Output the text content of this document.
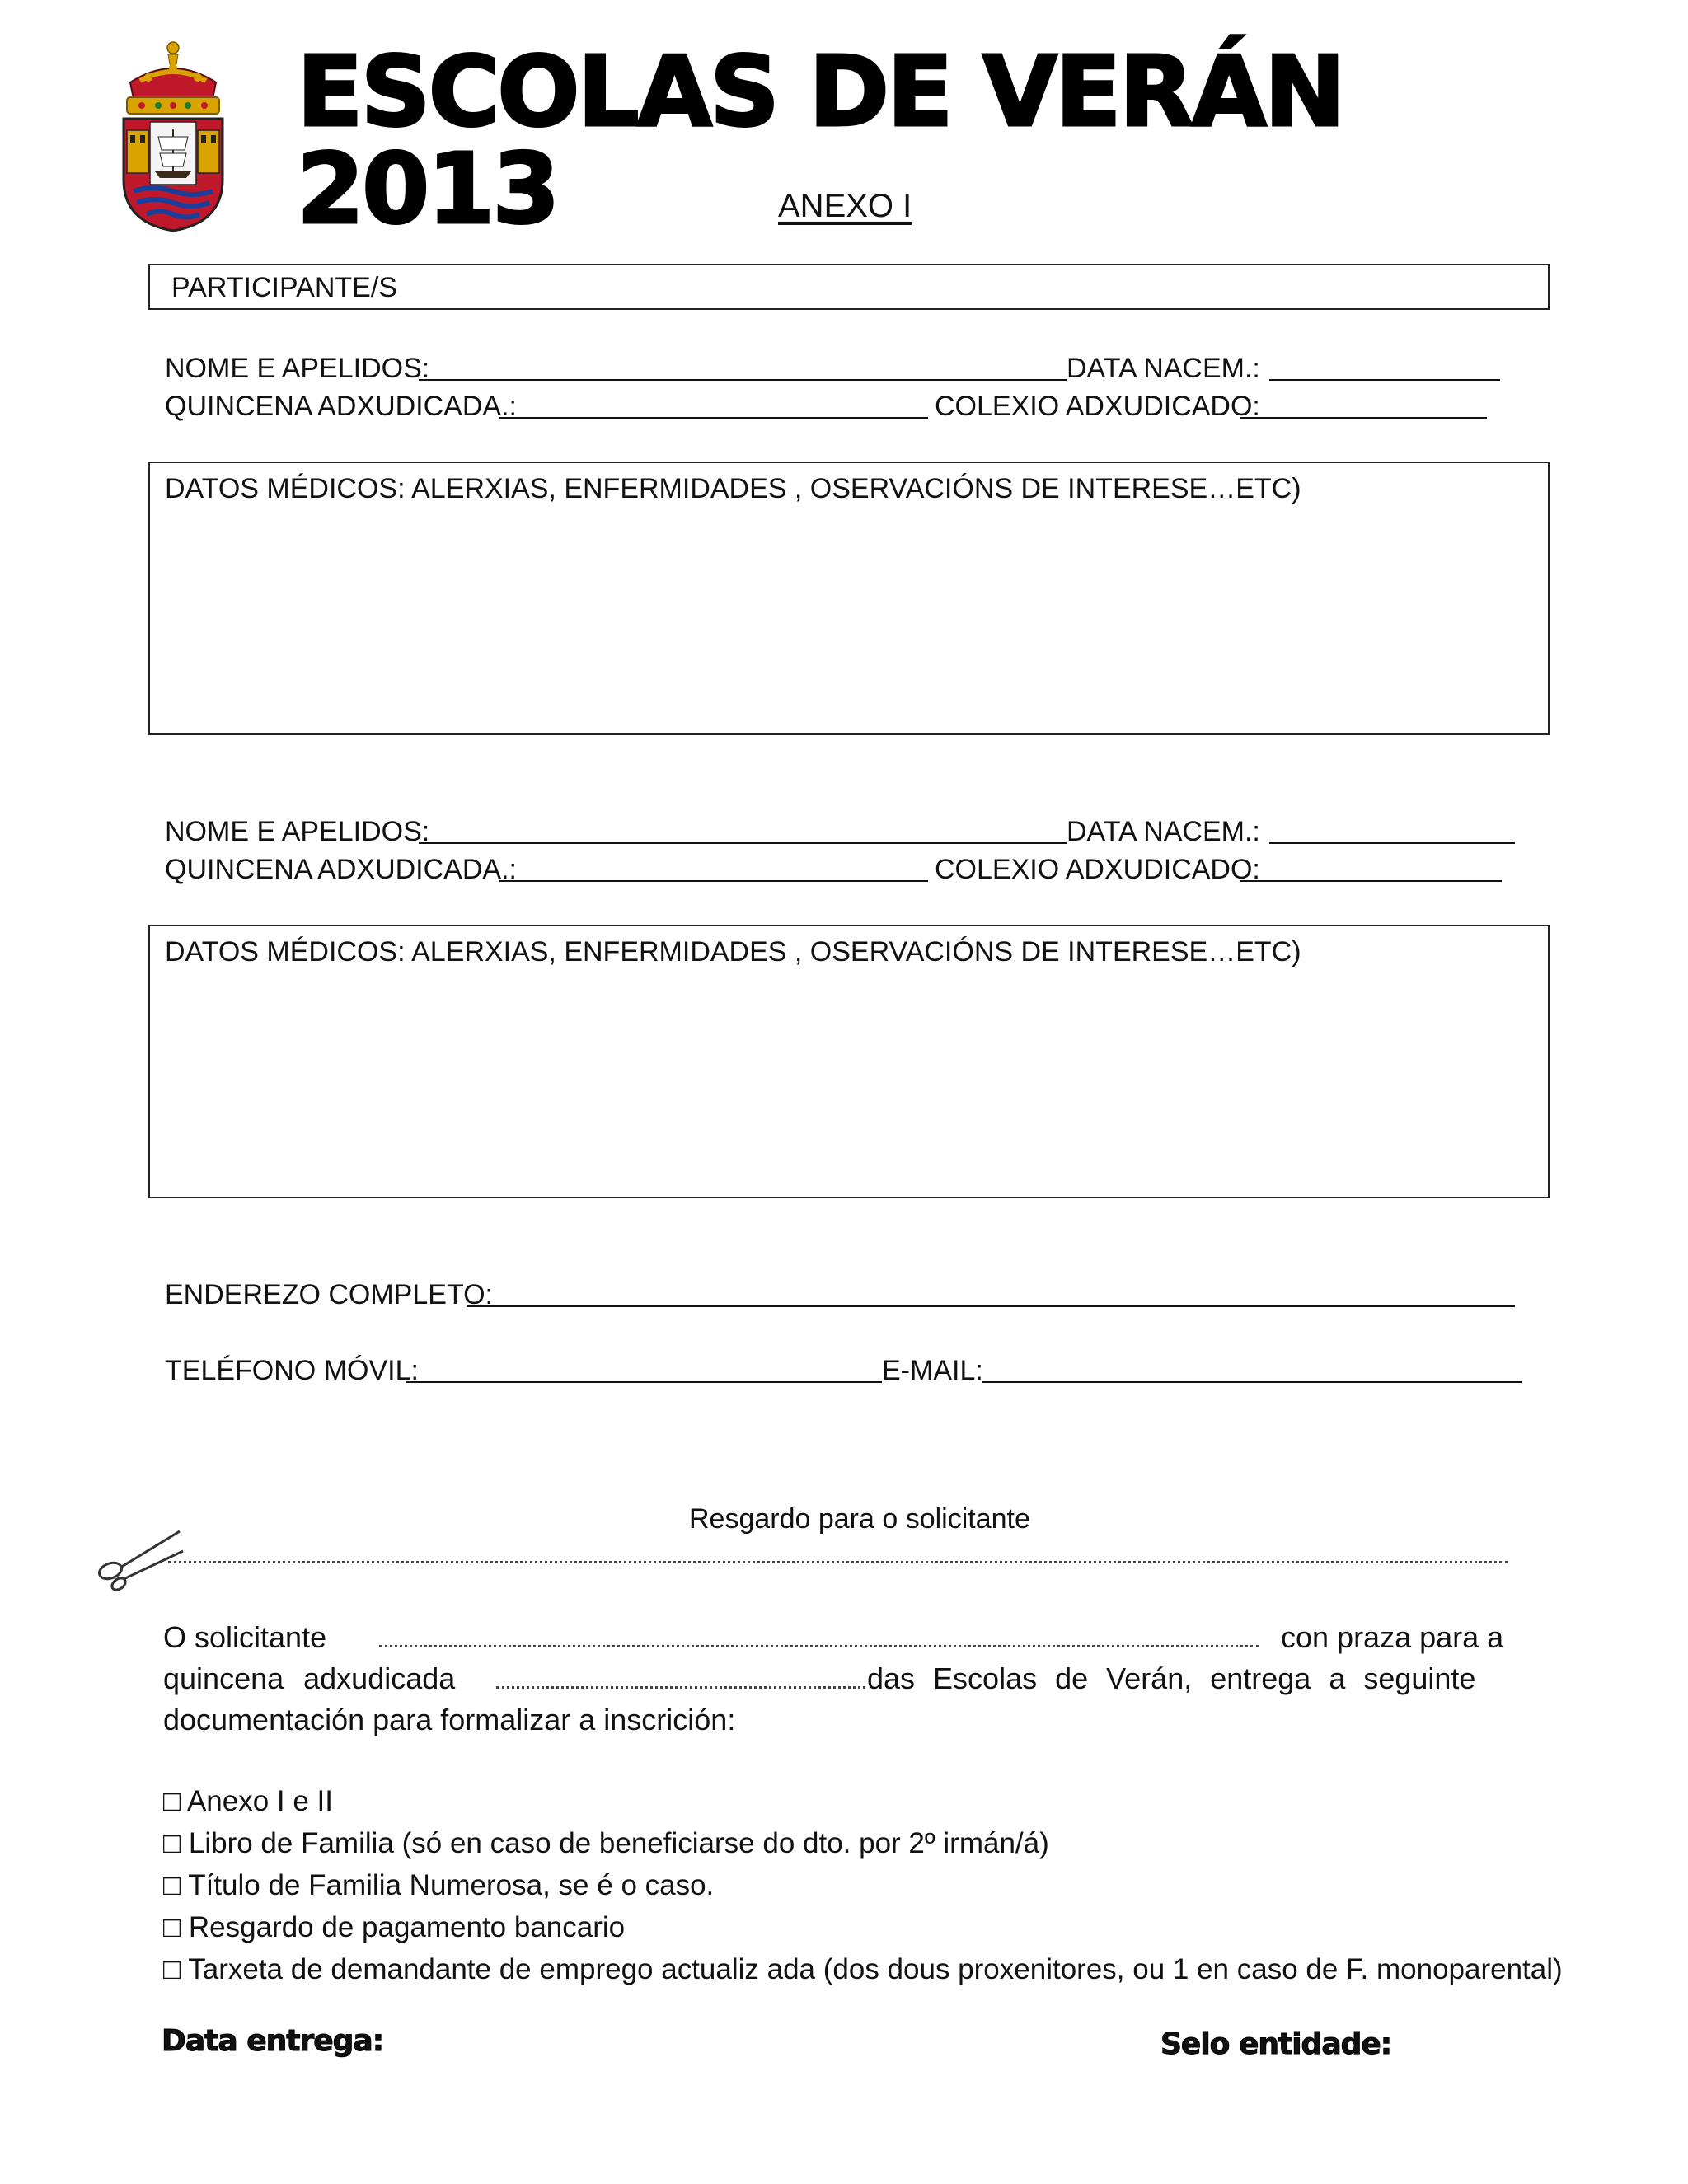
ESCOLAS DE VERÁN 2013	ANEXO I
PARTICIPANTE/S
NOME E APELIDOS:	DATA NACEM.:
QUINCENA ADXUDICADA.:	COLEXIO ADXUDICADO:
DATOS MÉDICOS: ALERXIAS, ENFERMIDADES , OSERVACIÓNS DE INTERESE…ETC)
NOME E APELIDOS:	DATA NACEM.:
QUINCENA ADXUDICADA.:	COLEXIO ADXUDICADO:
DATOS MÉDICOS: ALERXIAS, ENFERMIDADES , OSERVACIÓNS DE INTERESE…ETC)
ENDEREZO COMPLETO:
TELÉFONO MÓVIL:	E-MAIL:
Resgardo para o solicitante
O solicitante	con praza para a
quincena adxudicada	das Escolas de Verán, entrega a seguinte
documentación para formalizar a inscrición:
□ Anexo I e II
□ Libro de Familia (só en caso de beneficiarse do dto. por 2º irmán/á)
□ Título de Familia Numerosa, se é o caso.
□ Resgardo de pagamento bancario
□ Tarxeta de demandante de emprego actualiz ada (dos dous proxenitores, ou 1 en caso de F. monoparental)
Data entrega:	Selo entidade:
